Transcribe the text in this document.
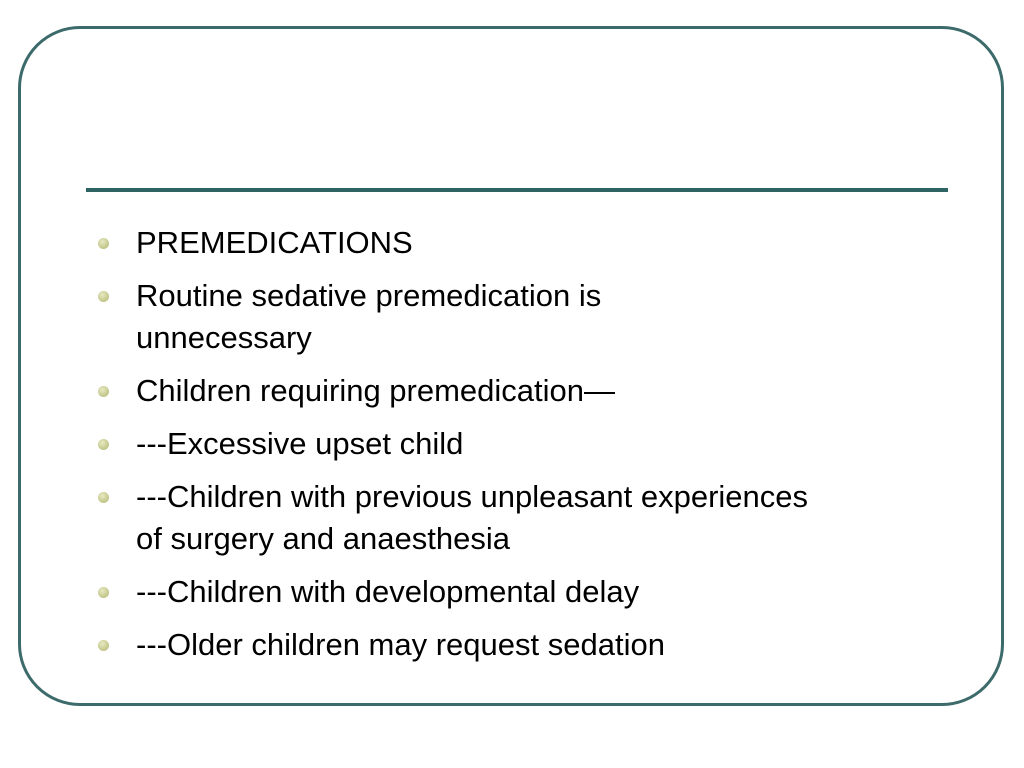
PREMEDICATIONS
Routine sedative premedication is unnecessary
Children requiring premedication—
---Excessive upset child
---Children with previous unpleasant experiences of surgery and anaesthesia
---Children with developmental delay
---Older children may request sedation
